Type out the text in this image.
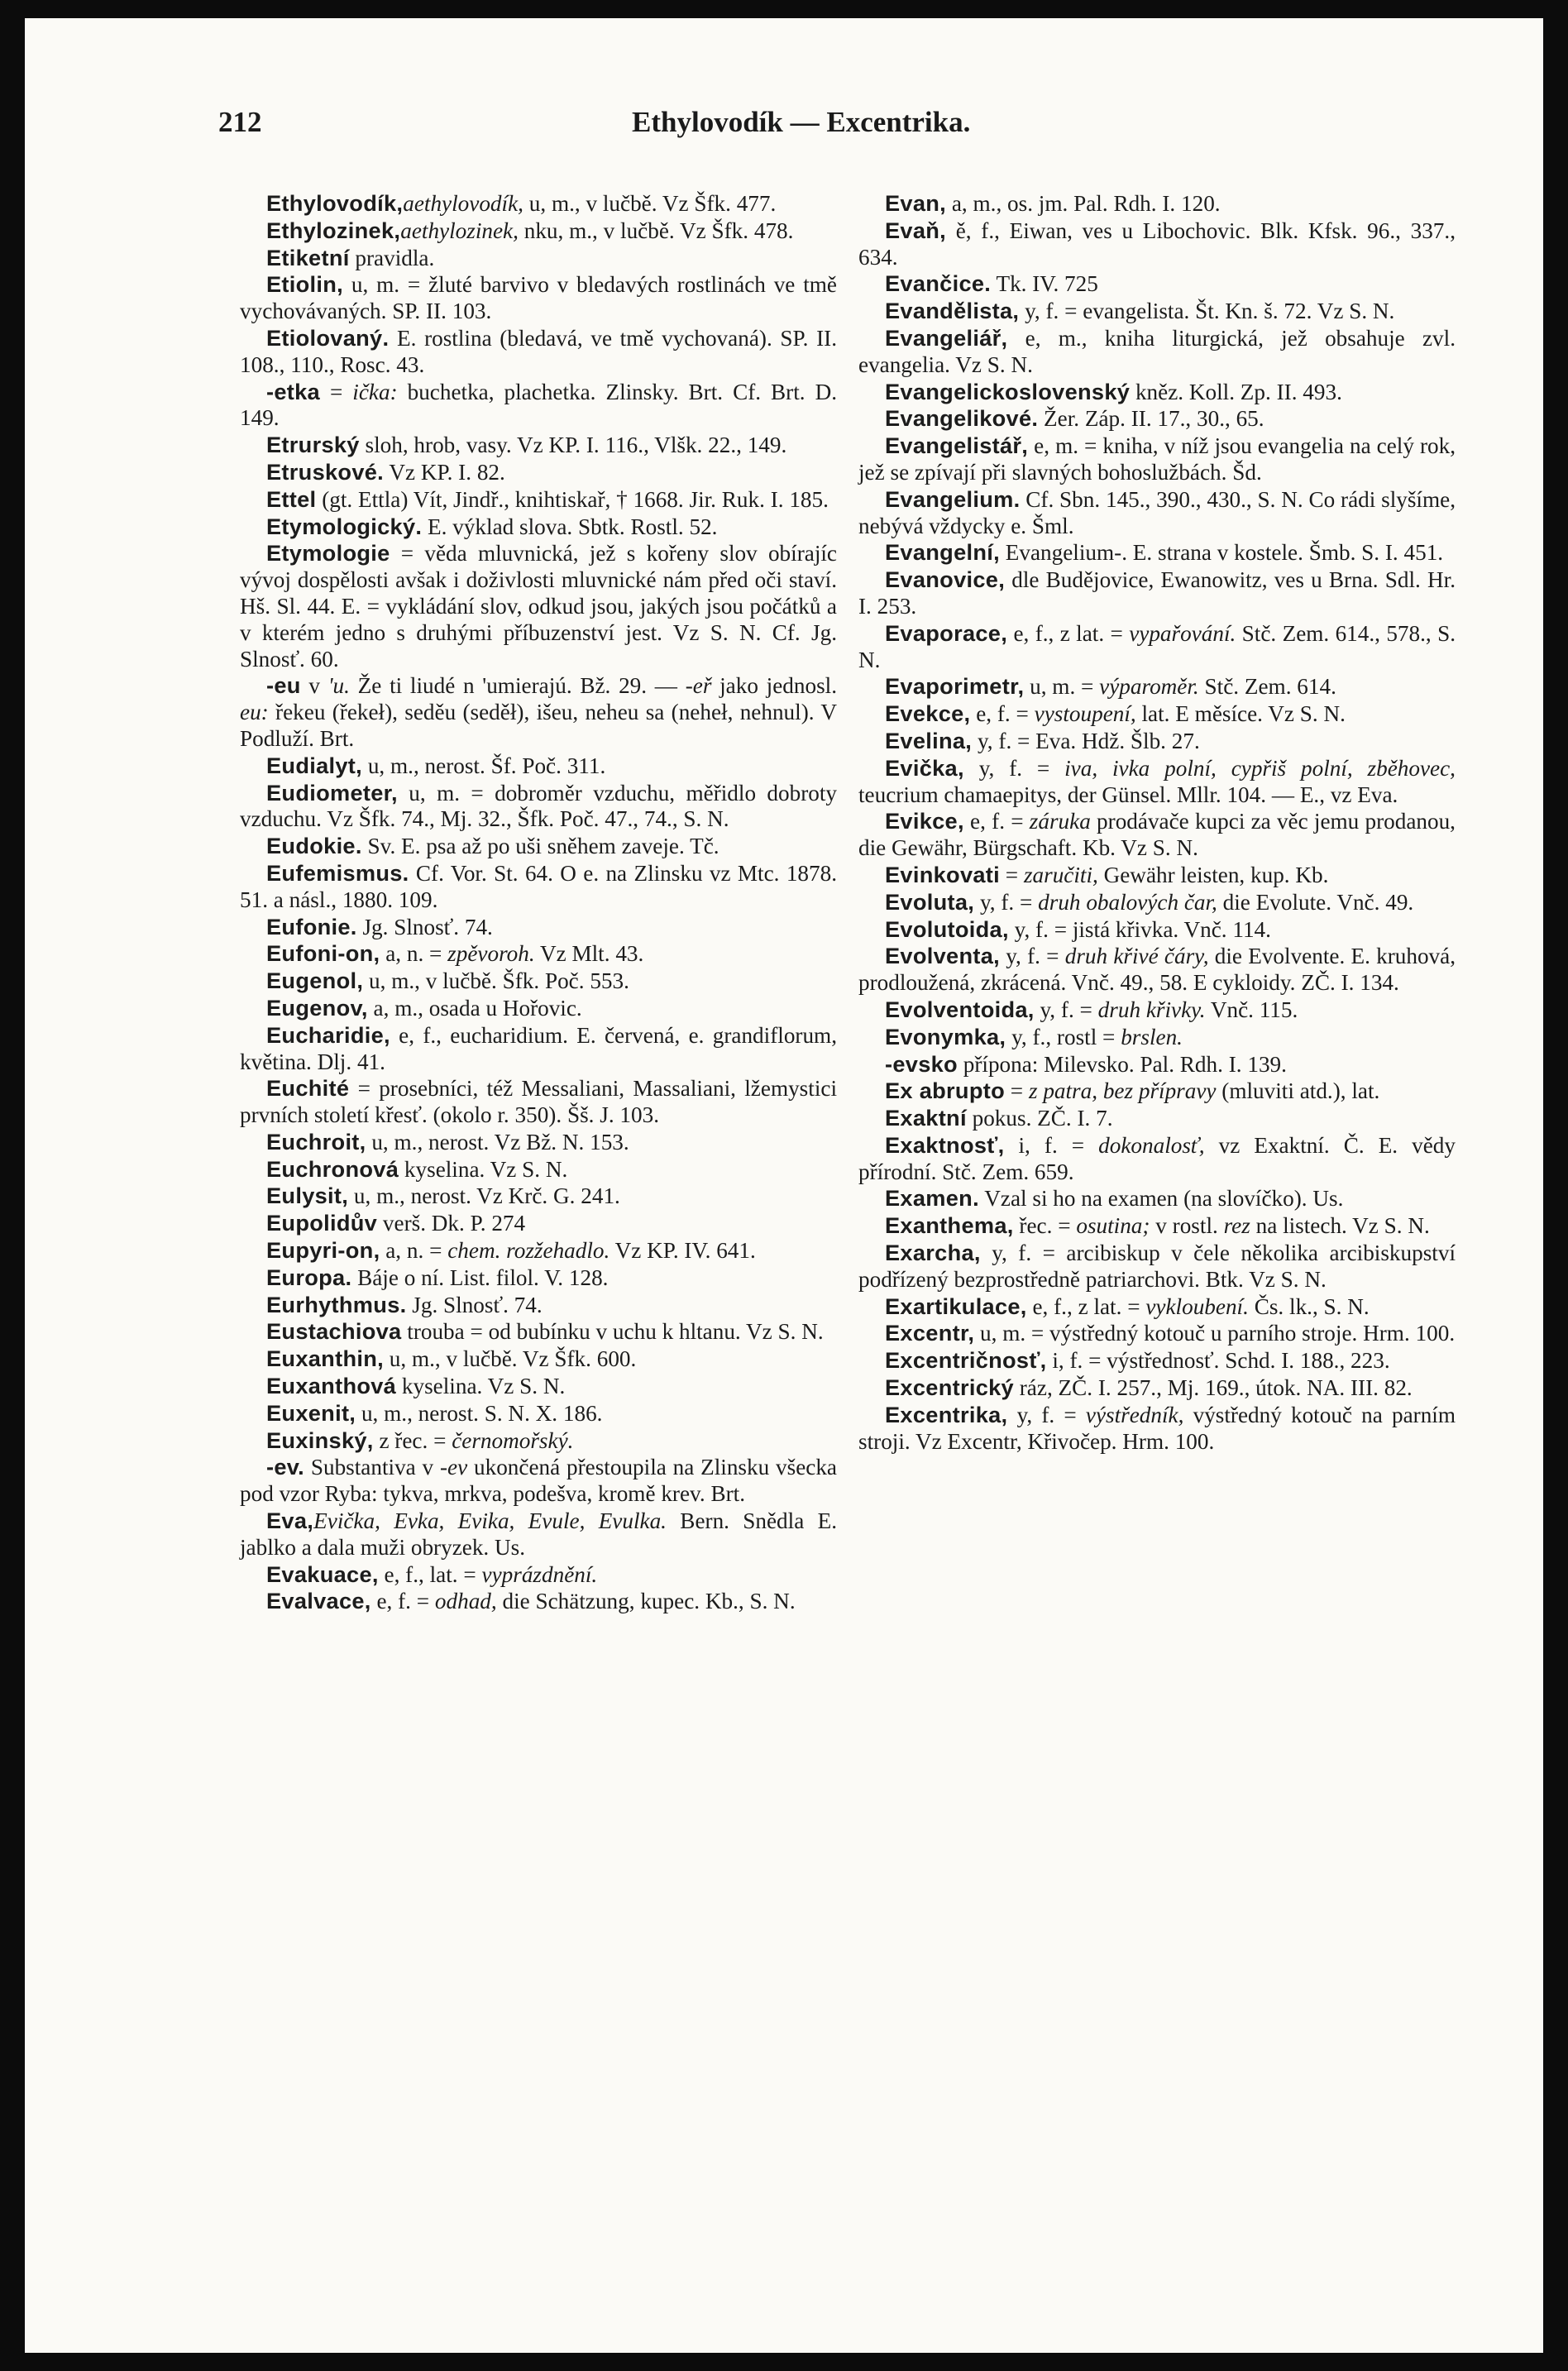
212	Ethylovodík — Excentrika.

Ethylovodík,aethylovodík, u, m., v lučbě. Vz Šfk. 477.

Ethylozinek,aethylozinek, nku, m., v lučbě. Vz Šfk. 478.

Etiketní pravidla.

Etiolin, u, m. = žluté barvivo v bledavých rostlinách ve tmě vychovávaných. SP. II. 103.

Etiolovaný. E. rostlina (bledavá, ve tmě vychovaná). SP. II. 108., 110., Rosc. 43.

-etka = ička: buchetka, plachetka. Zlinsky. Brt. Cf. Brt. D. 149.

Etrurský sloh, hrob, vasy. Vz KP. I. 116., Vlšk. 22., 149.

Etruskové. Vz KP. I. 82.

Ettel (gt. Ettla) Vít, Jindř., knihtiskař, † 1668. Jir. Ruk. I. 185.

Etymologický. E. výklad slova. Sbtk. Rostl. 52.

Etymologie = věda mluvnická, jež s kořeny slov obírajíc vývoj dospělosti avšak i doživlosti mluvnické nám před oči staví. Hš. Sl. 44. E. = vykládání slov, odkud jsou, jakých jsou počátků a v kterém jedno s druhými příbuzenství jest. Vz S. N. Cf. Jg. Slnosť. 60.

-eu v 'u. Že ti liudé n 'umierajú. Bž. 29. — -eř jako jednosl. eu: řekeu (řekeł), seděu (seděł), išeu, neheu sa (neheł, nehnul). V Podluží. Brt.

Eudialyt, u, m., nerost. Šf. Poč. 311.

Eudiometer, u, m. = dobroměr vzduchu, měřidlo dobroty vzduchu. Vz Šfk. 74., Mj. 32., Šfk. Poč. 47., 74., S. N.

Eudokie. Sv. E. psa až po uši sněhem zaveje. Tč.

Eufemismus. Cf. Vor. St. 64. O e. na Zlinsku vz Mtc. 1878. 51. a násl., 1880. 109.

Eufonie. Jg. Slnosť. 74.

Eufoni-on, a, n. = zpěvoroh. Vz Mlt. 43.

Eugenol, u, m., v lučbě. Šfk. Poč. 553.

Eugenov, a, m., osada u Hořovic.

Eucharidie, e, f., eucharidium. E. červená, e. grandiflorum, květina. Dlj. 41.

Euchité = prosebníci, též Messaliani, Massaliani, lžemystici prvních století křesť. (okolo r. 350). Šš. J. 103.

Euchroit, u, m., nerost. Vz Bž. N. 153.

Euchronová kyselina. Vz S. N.

Eulysit, u, m., nerost. Vz Krč. G. 241.

Eupolidův verš. Dk. P. 274

Eupyri-on, a, n. = chem. rozžehadlo. Vz KP. IV. 641.

Europa. Báje o ní. List. filol. V. 128.

Eurhythmus. Jg. Slnosť. 74.

Eustachiova trouba = od bubínku v uchu k hltanu. Vz S. N.

Euxanthin, u, m., v lučbě. Vz Šfk. 600.

Euxanthová kyselina. Vz S. N.

Euxenit, u, m., nerost. S. N. X. 186.

Euxinský, z řec. = černomořský.

-ev. Substantiva v -ev ukončená přestoupila na Zlinsku všecka pod vzor Ryba: tykva, mrkva, podešva, kromě krev. Brt.

Eva,Evička, Evka, Evika, Evule, Evulka. Bern. Snědla E. jablko a dala muži obryzek. Us.

Evakuace, e, f., lat. = vyprázdnění.

Evalvace, e, f. = odhad, die Schätzung, kupec. Kb., S. N.

Evan, a, m., os. jm. Pal. Rdh. I. 120.

Evaň, ě, f., Eiwan, ves u Libochovic. Blk. Kfsk. 96., 337., 634.

Evančice. Tk. IV. 725

Evandělista, y, f. = evangelista. Št. Kn. š. 72. Vz S. N.

Evangeliář, e, m., kniha liturgická, jež obsahuje zvl. evangelia. Vz S. N.

Evangelickoslovenský kněz. Koll. Zp. II. 493.

Evangelikové. Žer. Záp. II. 17., 30., 65.

Evangelistář, e, m. = kniha, v níž jsou evangelia na celý rok, jež se zpívají při slavných bohoslužbách. Šd.

Evangelium. Cf. Sbn. 145., 390., 430., S. N. Co rádi slyšíme, nebývá vždycky e. Šml.

Evangelní, Evangelium-. E. strana v kostele. Šmb. S. I. 451.

Evanovice, dle Budějovice, Ewanowitz, ves u Brna. Sdl. Hr. I. 253.

Evaporace, e, f., z lat. = vypařování. Stč. Zem. 614., 578., S. N.

Evaporimetr, u, m. = výparoměr. Stč. Zem. 614.

Evekce, e, f. = vystoupení, lat. E měsíce. Vz S. N.

Evelina, y, f. = Eva. Hdž. Šlb. 27.

Evička, y, f. = iva, ivka polní, cypřiš polní, zběhovec, teucrium chamaepitys, der Günsel. Mllr. 104. — E., vz Eva.

Evikce, e, f. = záruka prodávače kupci za věc jemu prodanou, die Gewähr, Bürgschaft. Kb. Vz S. N.

Evinkovati = zaručiti, Gewähr leisten, kup. Kb.

Evoluta, y, f. = druh obalových čar, die Evolute. Vnč. 49.

Evolutoida, y, f. = jistá křivka. Vnč. 114.

Evolventa, y, f. = druh křivé čáry, die Evolvente. E. kruhová, prodloužená, zkrácená. Vnč. 49., 58. E cykloidy. ZČ. I. 134.

Evolventoida, y, f. = druh křivky. Vnč. 115.

Evonymka, y, f., rostl = brslen.

-evsko přípona: Milevsko. Pal. Rdh. I. 139.

Ex abrupto = z patra, bez přípravy (mluviti atd.), lat.

Exaktní pokus. ZČ. I. 7.

Exaktnosť, i, f. = dokonalosť, vz Exaktní. Č. E. vědy přírodní. Stč. Zem. 659.

Examen. Vzal si ho na examen (na slovíčko). Us.

Exanthema, řec. = osutina; v rostl. rez na listech. Vz S. N.

Exarcha, y, f. = arcibiskup v čele několika arcibiskupství podřízený bezprostředně patriarchovi. Btk. Vz S. N.

Exartikulace, e, f., z lat. = vykloubení. Čs. lk., S. N.

Excentr, u, m. = výstředný kotouč u parního stroje. Hrm. 100.

Excentričnosť, i, f. = výstřednosť. Schd. I. 188., 223.

Excentrický ráz, ZČ. I. 257., Mj. 169., útok. NA. III. 82.

Excentrika, y, f. = výstředník, výstředný kotouč na parním stroji. Vz Excentr, Křivočep. Hrm. 100.
